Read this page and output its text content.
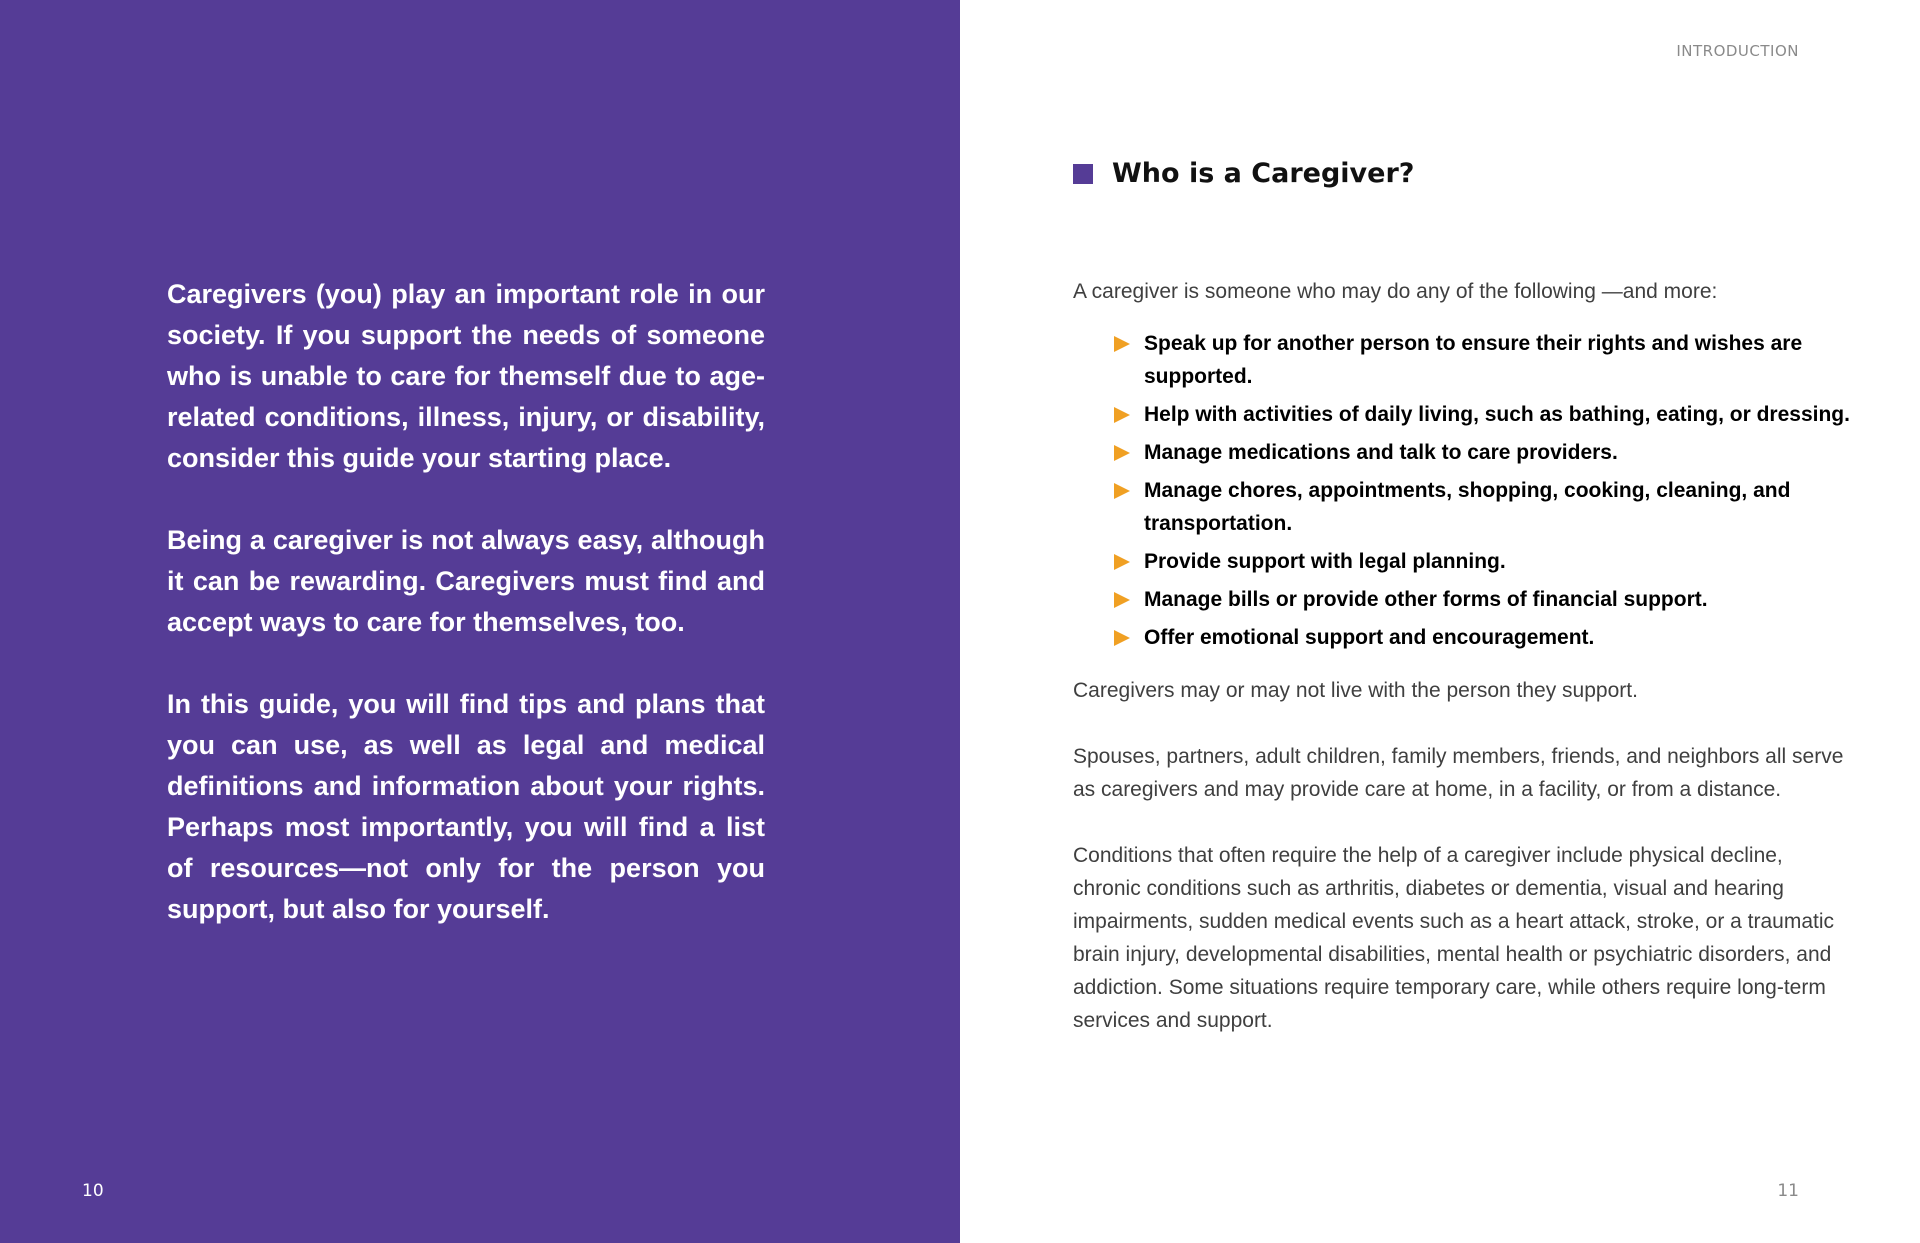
Caregivers (you) play an important role in our society. If you support the needs of someone who is unable to care for themself due to age-related conditions, illness, injury, or disability, consider this guide your starting place.

Being a caregiver is not always easy, although it can be rewarding. Caregivers must find and accept ways to care for themselves, too.

In this guide, you will find tips and plans that you can use, as well as legal and medical definitions and information about your rights. Perhaps most importantly, you will find a list of resources—not only for the person you support, but also for yourself.

10
INTRODUCTION
Who is a Caregiver?

A caregiver is someone who may do any of the following —and more:

Speak up for another person to ensure their rights and wishes are supported.
Help with activities of daily living, such as bathing, eating, or dressing.
Manage medications and talk to care providers.
Manage chores, appointments, shopping, cooking, cleaning, and transportation.
Provide support with legal planning.
Manage bills or provide other forms of financial support.
Offer emotional support and encouragement.

Caregivers may or may not live with the person they support.

Spouses, partners, adult children, family members, friends, and neighbors all serve as caregivers and may provide care at home, in a facility, or from a distance.

Conditions that often require the help of a caregiver include physical decline, chronic conditions such as arthritis, diabetes or dementia, visual and hearing impairments, sudden medical events such as a heart attack, stroke, or a traumatic brain injury, developmental disabilities, mental health or psychiatric disorders, and addiction. Some situations require temporary care, while others require long-term services and support.

11
